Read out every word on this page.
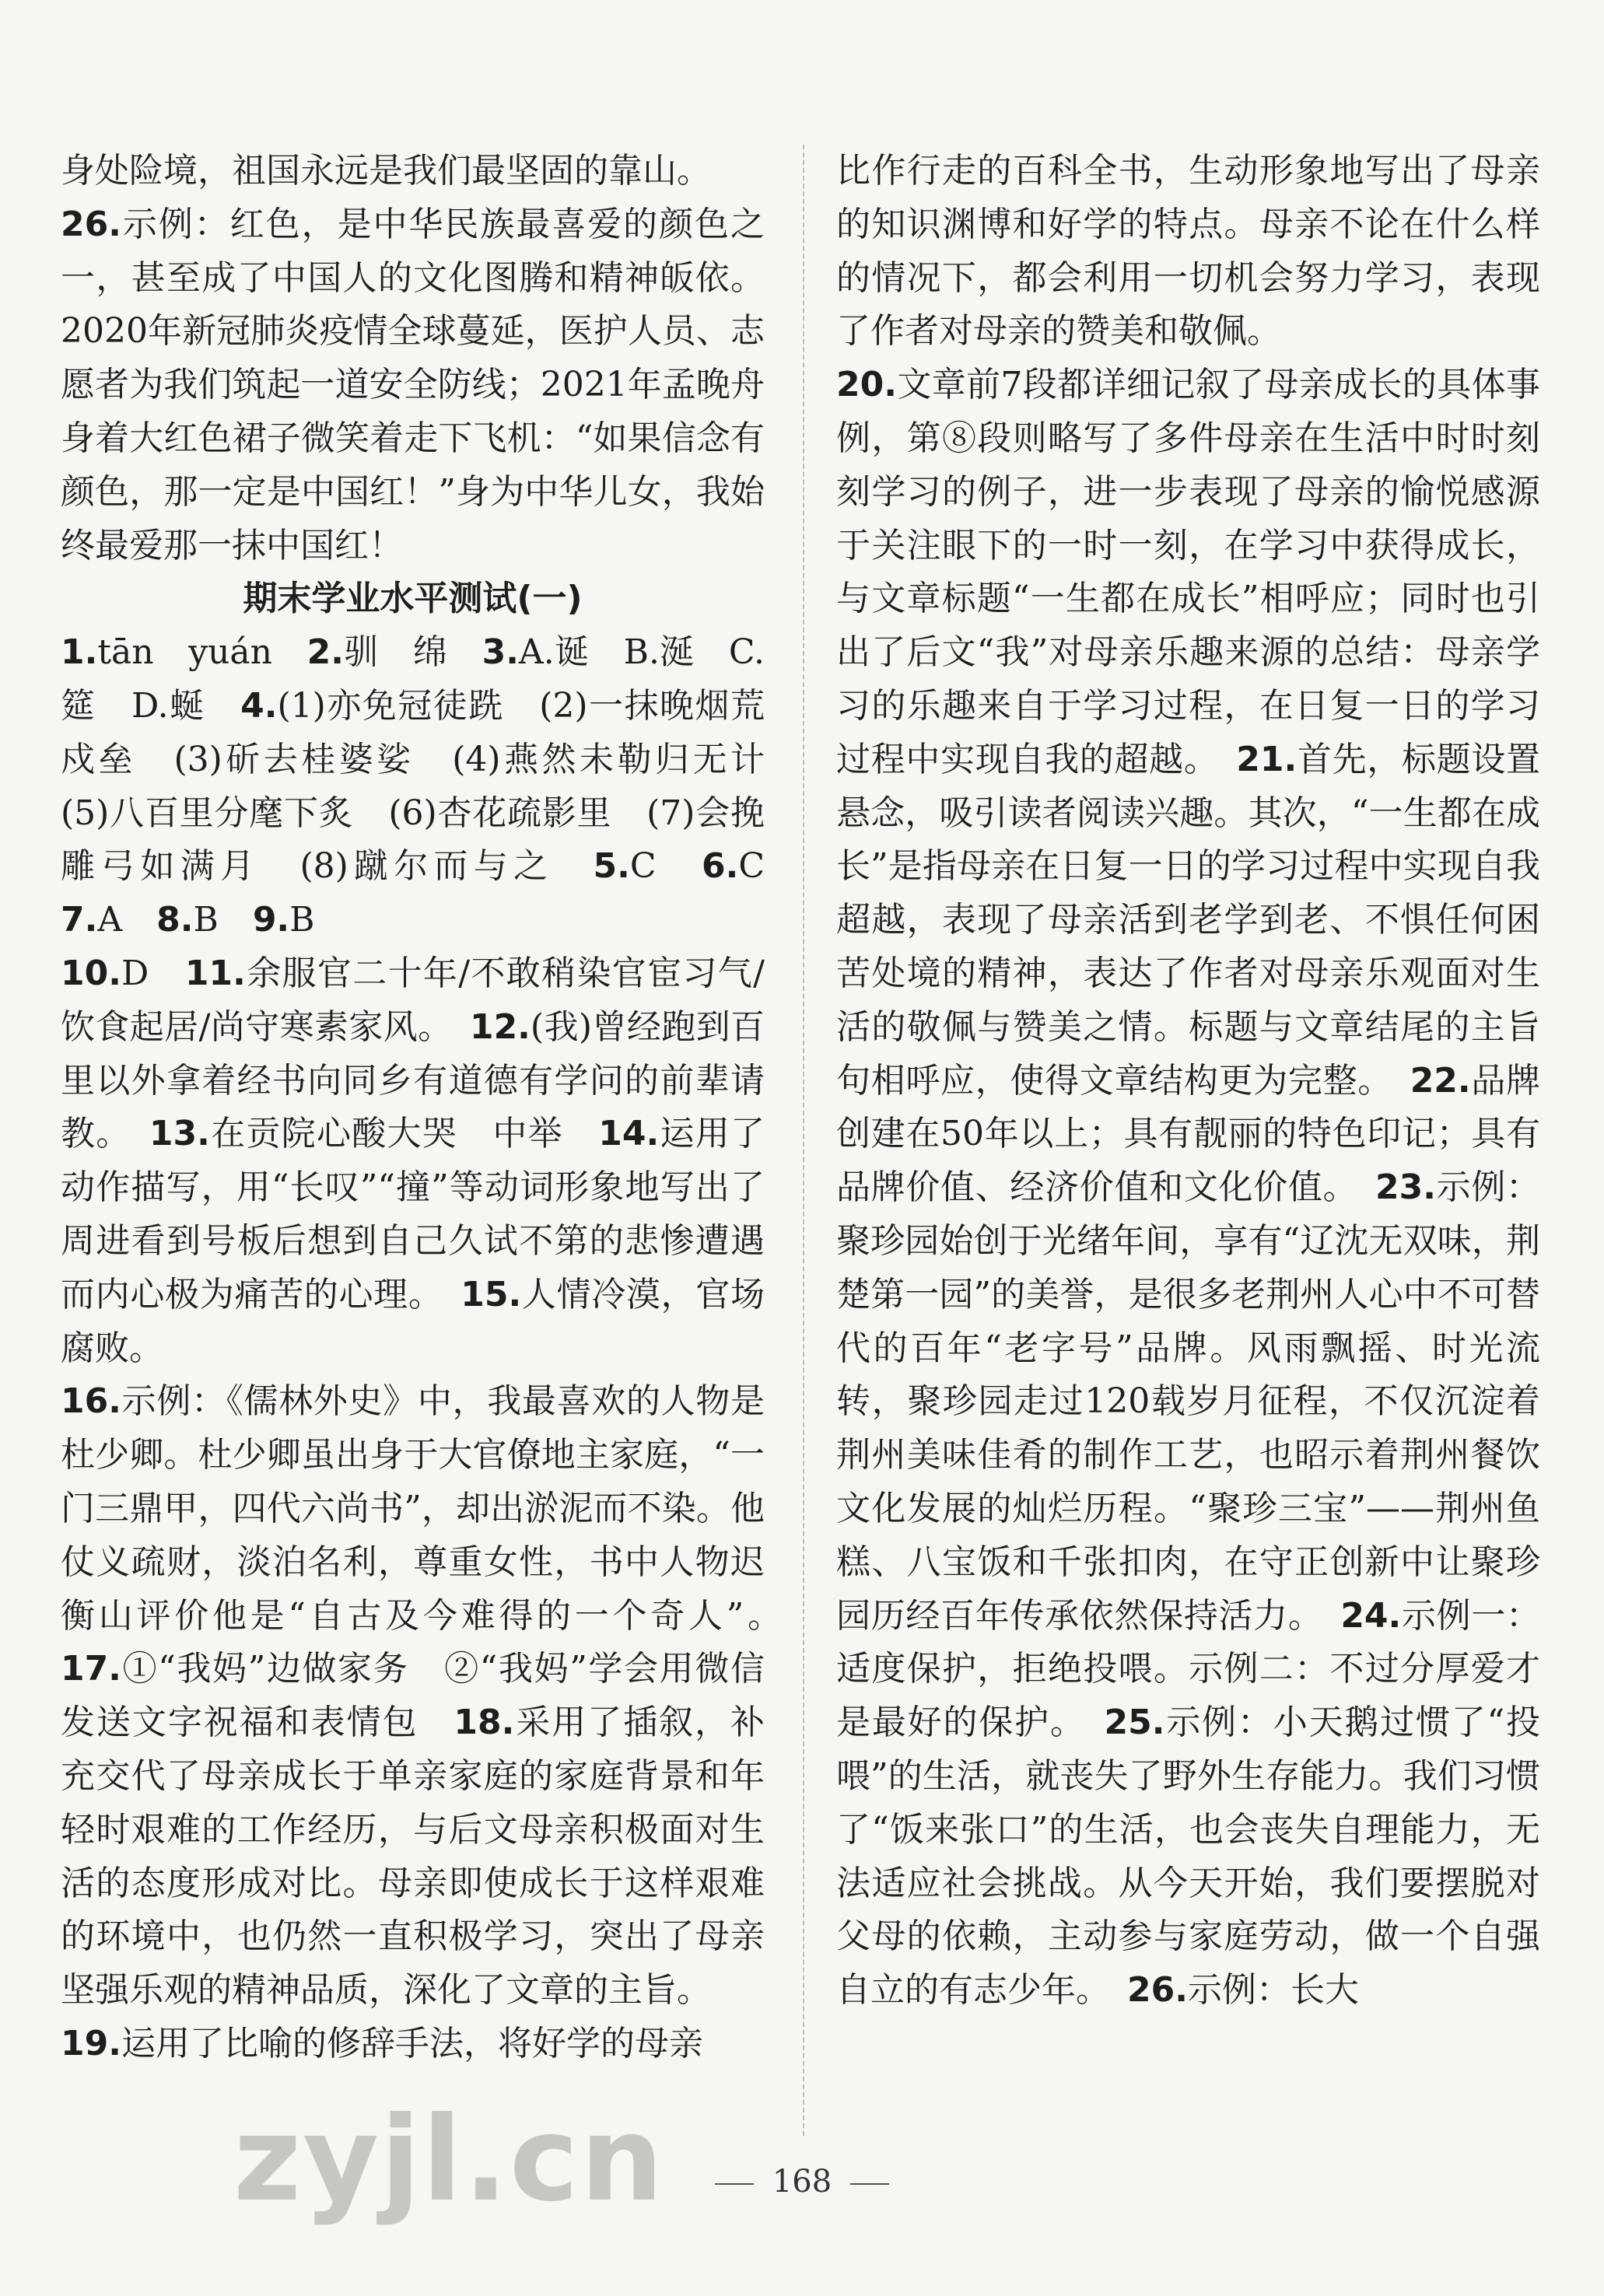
身处险境，祖国永远是我们最坚固的靠山。

26.示例：红色，是中华民族最喜爱的颜色之一，甚至成了中国人的文化图腾和精神皈依。2020年新冠肺炎疫情全球蔓延，医护人员、志愿者为我们筑起一道安全防线；2021年孟晚舟身着大红色裙子微笑着走下飞机：“如果信念有颜色，那一定是中国红！”身为中华儿女，我始终最爱那一抹中国红！

期末学业水平测试(一)

1.tān　yuán　2.驯　绵　3.A.诞　B.涎　C.筵　D.蜒　4.(1)亦免冠徒跣　(2)一抹晚烟荒戍垒　(3)斫去桂婆娑　(4)燕然未勒归无计　(5)八百里分麾下炙　(6)杏花疏影里　(7)会挽雕弓如满月　(8)蹴尔而与之　5.C　6.C　7.A　8.B　9.B

10.D　11.余服官二十年/不敢稍染官宦习气/饮食起居/尚守寒素家风。　12.(我)曾经跑到百里以外拿着经书向同乡有道德有学问的前辈请教。　13.在贡院心酸大哭　中举　14.运用了动作描写，用“长叹”“撞”等动词形象地写出了周进看到号板后想到自己久试不第的悲惨遭遇而内心极为痛苦的心理。　15.人情冷漠，官场腐败。

16.示例：《儒林外史》中，我最喜欢的人物是杜少卿。杜少卿虽出身于大官僚地主家庭，“一门三鼎甲，四代六尚书”，却出淤泥而不染。他仗义疏财，淡泊名利，尊重女性，书中人物迟衡山评价他是“自古及今难得的一个奇人”。　17.①“我妈”边做家务　②“我妈”学会用微信发送文字祝福和表情包　18.采用了插叙，补充交代了母亲成长于单亲家庭的家庭背景和年轻时艰难的工作经历，与后文母亲积极面对生活的态度形成对比。母亲即使成长于这样艰难的环境中，也仍然一直积极学习，突出了母亲坚强乐观的精神品质，深化了文章的主旨。

19.运用了比喻的修辞手法，将好学的母亲

比作行走的百科全书，生动形象地写出了母亲的知识渊博和好学的特点。母亲不论在什么样的情况下，都会利用一切机会努力学习，表现了作者对母亲的赞美和敬佩。

20.文章前7段都详细记叙了母亲成长的具体事例，第⑧段则略写了多件母亲在生活中时时刻刻学习的例子，进一步表现了母亲的愉悦感源于关注眼下的一时一刻，在学习中获得成长，与文章标题“一生都在成长”相呼应；同时也引出了后文“我”对母亲乐趣来源的总结：母亲学习的乐趣来自于学习过程，在日复一日的学习过程中实现自我的超越。　21.首先，标题设置悬念，吸引读者阅读兴趣。其次，“一生都在成长”是指母亲在日复一日的学习过程中实现自我超越，表现了母亲活到老学到老、不惧任何困苦处境的精神，表达了作者对母亲乐观面对生活的敬佩与赞美之情。标题与文章结尾的主旨句相呼应，使得文章结构更为完整。　22.品牌创建在50年以上；具有靓丽的特色印记；具有品牌价值、经济价值和文化价值。　23.示例：聚珍园始创于光绪年间，享有“辽沈无双味，荆楚第一园”的美誉，是很多老荆州人心中不可替代的百年“老字号”品牌。风雨飘摇、时光流转，聚珍园走过120载岁月征程，不仅沉淀着荆州美味佳肴的制作工艺，也昭示着荆州餐饮文化发展的灿烂历程。“聚珍三宝”——荆州鱼糕、八宝饭和千张扣肉，在守正创新中让聚珍园历经百年传承依然保持活力。　24.示例一：适度保护，拒绝投喂。示例二：不过分厚爱才是最好的保护。　25.示例：小天鹅过惯了“投喂”的生活，就丧失了野外生存能力。我们习惯了“饭来张口”的生活，也会丧失自理能力，无法适应社会挑战。从今天开始，我们要摆脱对父母的依赖，主动参与家庭劳动，做一个自强自立的有志少年。　26.示例：长大

168
zyjl.cn
